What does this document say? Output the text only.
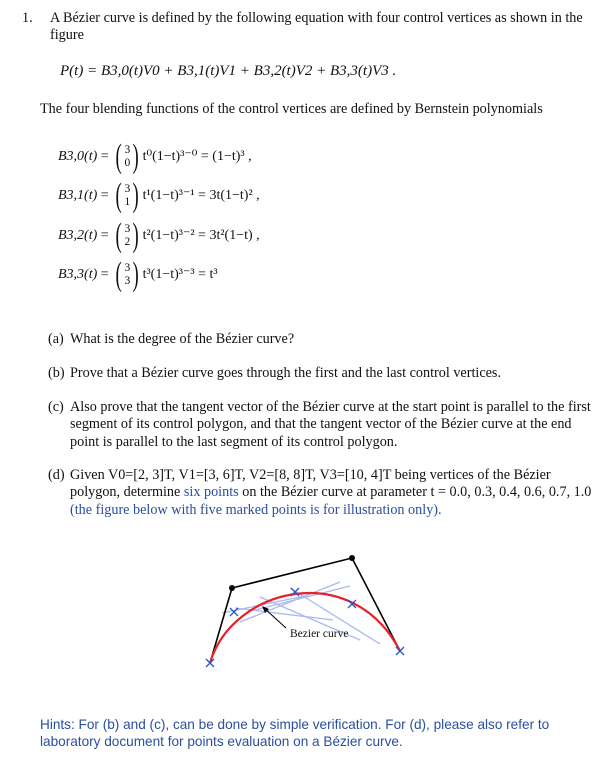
1. A Bézier curve is defined by the following equation with four control vertices as shown in the figure
P(t) = B3,0(t)V0 + B3,1(t)V1 + B3,2(t)V2 + B3,3(t)V3 .
The four blending functions of the control vertices are defined by Bernstein polynomials
B3,0(t) = ( 3
0 ) t⁰(1−t)³⁻⁰ = (1−t)³ ,
B3,1(t) = ( 3
1 ) t¹(1−t)³⁻¹ = 3t(1−t)² ,
B3,2(t) = ( 3
2 ) t²(1−t)³⁻² = 3t²(1−t) ,
B3,3(t) = ( 3
3 ) t³(1−t)³⁻³ = t³
(a) What is the degree of the Bézier curve?
(b) Prove that a Bézier curve goes through the first and the last control vertices.
(c) Also prove that the tangent vector of the Bézier curve at the start point is parallel to the first segment of its control polygon, and that the tangent vector of the Bézier curve at the end point is parallel to the last segment of its control polygon.
(d) Given V0=[2, 3]T, V1=[3, 6]T, V2=[8, 8]T, V3=[10, 4]T being vertices of the Bézier polygon, determine six points on the Bézier curve at parameter t = 0.0, 0.3, 0.4, 0.6, 0.7, 1.0 (the figure below with five marked points is for illustration only).
Bezier curve
Hints: For (b) and (c), can be done by simple verification. For (d), please also refer to laboratory document for points evaluation on a Bézier curve.
